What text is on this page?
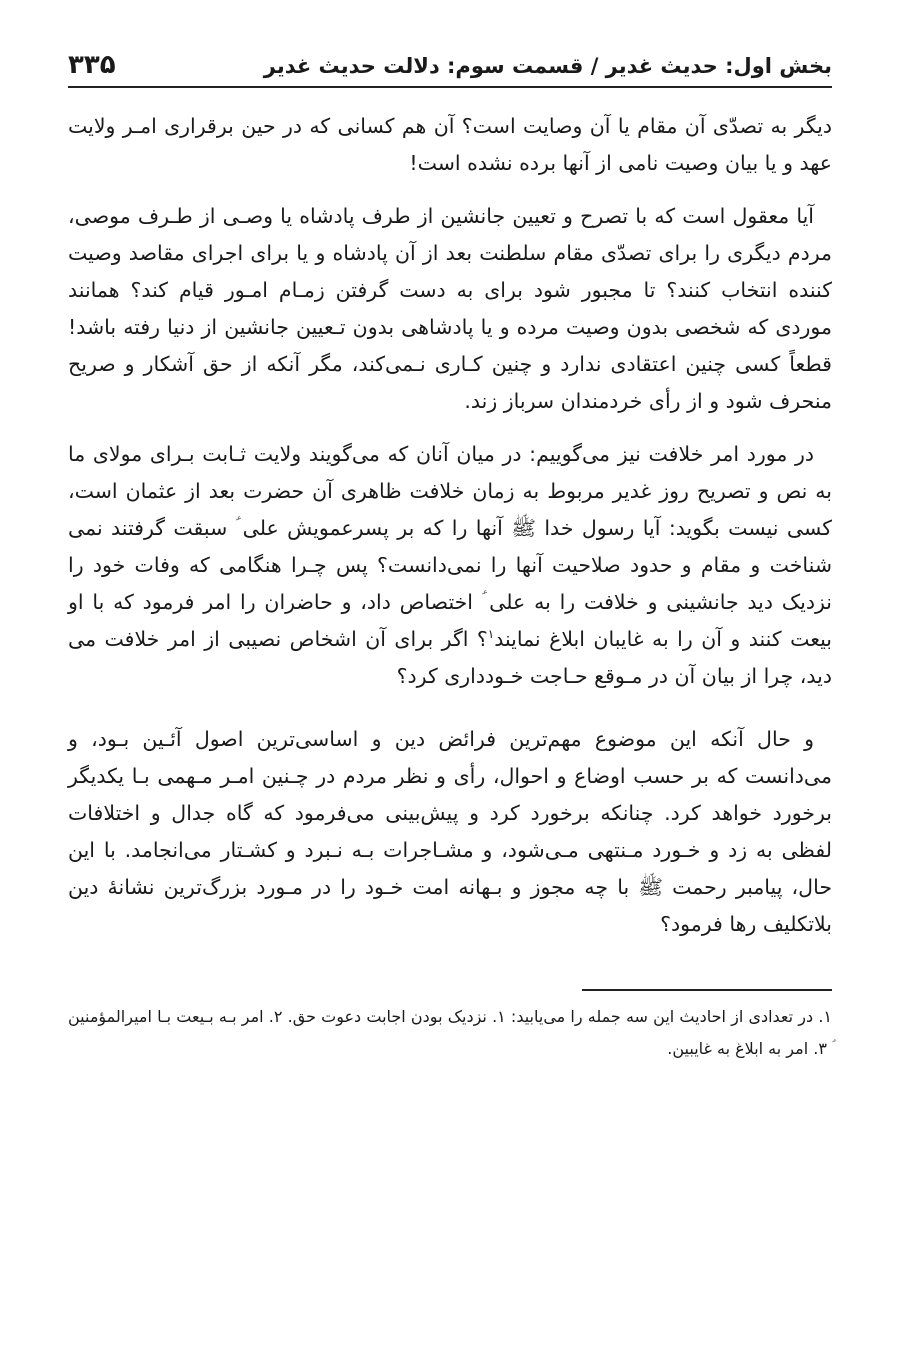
بخش اول: حدیث غدیر / قسمت سوم: دلالت حدیث غدیر
۳۳۵

دیگر به تصدّی آن مقام یا آن وصایت است؟ آن هم کسانی که در حین برقراری امـر ولایت عهد و یا بیان وصیت نامی از آنها برده نشده است!

آیا معقول است که با تصرح و تعیین جانشین از طرف پادشاه یا وصـی از طـرف موصی، مردم دیگری را برای تصدّی مقام سلطنت بعد از آن پادشاه و یا برای اجرای مقاصد وصیت کننده انتخاب کنند؟ تا مجبور شود برای به دست گرفتن زمـام امـور قیام کند؟ همانند موردی که شخصی بدون وصیت مرده و یا پادشاهی بدون تـعیین جانشین از دنیا رفته باشد! قطعاً کسی چنین اعتقادی ندارد و چنین کـاری نـمی‌کند، مگر آنکه از حق آشکار و صریح منحرف شود و از رأی خردمندان سرباز زند.

در مورد امر خلافت نیز می‌گوییم: در میان آنان که می‌گویند ولایت ثـابت بـرای مولای ما به نص و تصریح روز غدیر مربوط به زمان خلافت ظاهری آن حضرت بعد از عثمان است، کسی نیست بگوید: آیا رسول خدا ﷺ آنها را که بر پسرعمویش علی ؑ سبقت گرفتند نمی شناخت و مقام و حدود صلاحیت آنها را نمی‌دانست؟ پس چـرا هنگامی که وفات خود را نزدیک دید جانشینی و خلافت را به علی ؑ اختصاص داد، و حاضران را امر فرمود که با او بیعت کنند و آن را به غایبان ابلاغ نمایند$^۱$؟ اگر برای آن اشخاص نصیبی از امر خلافت می دید، چرا از بیان آن در مـوقع حـاجت خـودداری کرد؟

و حال آنکه این موضوع مهم‌ترین فرائض دین و اساسی‌ترین اصول آئـین بـود، و می‌دانست که بر حسب اوضاع و احوال، رأی و نظر مردم در چـنین امـر مـهمی بـا یکدیگر برخورد خواهد کرد. چنانکه برخورد کرد و پیش‌بینی می‌فرمود که گاه جدال و اختلافات لفظی به زد و خـورد مـنتهی مـی‌شود، و مشـاجرات بـه نـبرد و کشـتار می‌انجامد. با این حال، پیامبر رحمت ﷺ با چه مجوز و بـهانه امت خـود را در مـورد بزرگ‌ترین نشانهٔ دین بلاتکلیف رها فرمود؟

۱. در تعدادی از احادیث این سه جمله را می‌یابید: ۱. نزدیک بودن اجابت دعوت حق. ۲. امر بـه بـیعت بـا امیرالمؤمنین ؑ ۳. امر به ابلاغ به غایبین.
